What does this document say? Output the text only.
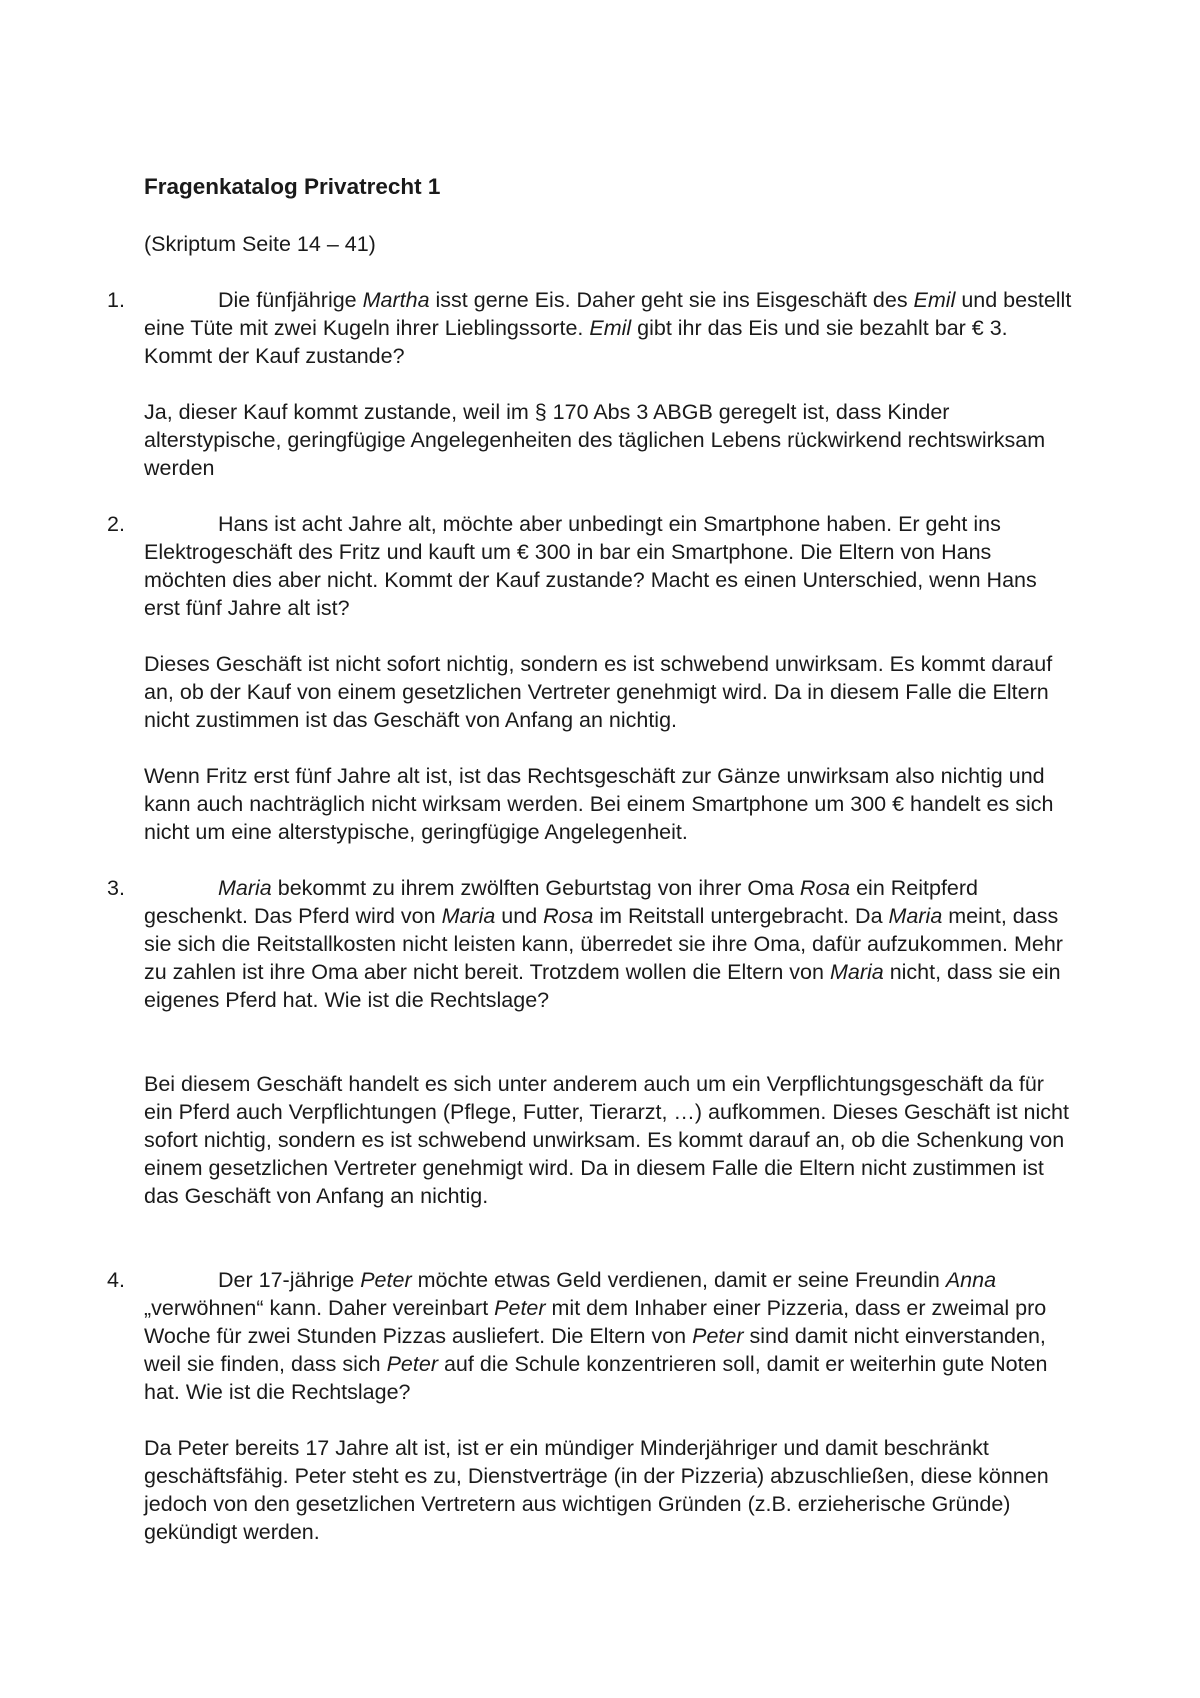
Fragenkatalog Privatrecht 1

(Skriptum Seite 14 – 41)

1.	Die fünfjährige Martha isst gerne Eis. Daher geht sie ins Eisgeschäft des Emil und bestellt eine Tüte mit zwei Kugeln ihrer Lieblingssorte. Emil gibt ihr das Eis und sie bezahlt bar € 3. Kommt der Kauf zustande?

Ja, dieser Kauf kommt zustande, weil im § 170 Abs 3 ABGB geregelt ist, dass Kinder alterstypische, geringfügige Angelegenheiten des täglichen Lebens rückwirkend rechtswirksam werden

2.	Hans ist acht Jahre alt, möchte aber unbedingt ein Smartphone haben. Er geht ins Elektrogeschäft des Fritz und kauft um € 300 in bar ein Smartphone. Die Eltern von Hans möchten dies aber nicht. Kommt der Kauf zustande? Macht es einen Unterschied, wenn Hans erst fünf Jahre alt ist?

Dieses Geschäft ist nicht sofort nichtig, sondern es ist schwebend unwirksam. Es kommt darauf an, ob der Kauf von einem gesetzlichen Vertreter genehmigt wird. Da in diesem Falle die Eltern nicht zustimmen ist das Geschäft von Anfang an nichtig.

Wenn Fritz erst fünf Jahre alt ist, ist das Rechtsgeschäft zur Gänze unwirksam also nichtig und kann auch nachträglich nicht wirksam werden. Bei einem Smartphone um 300 € handelt es sich nicht um eine alterstypische, geringfügige Angelegenheit.

3.	Maria bekommt zu ihrem zwölften Geburtstag von ihrer Oma Rosa ein Reitpferd geschenkt. Das Pferd wird von Maria und Rosa im Reitstall untergebracht. Da Maria meint, dass sie sich die Reitstallkosten nicht leisten kann, überredet sie ihre Oma, dafür aufzukommen. Mehr zu zahlen ist ihre Oma aber nicht bereit. Trotzdem wollen die Eltern von Maria nicht, dass sie ein eigenes Pferd hat. Wie ist die Rechtslage?

Bei diesem Geschäft handelt es sich unter anderem auch um ein Verpflichtungsgeschäft da für ein Pferd auch Verpflichtungen (Pflege, Futter, Tierarzt, …) aufkommen. Dieses Geschäft ist nicht sofort nichtig, sondern es ist schwebend unwirksam. Es kommt darauf an, ob die Schenkung von einem gesetzlichen Vertreter genehmigt wird. Da in diesem Falle die Eltern nicht zustimmen ist das Geschäft von Anfang an nichtig.

4.	Der 17-jährige Peter möchte etwas Geld verdienen, damit er seine Freundin Anna „verwöhnen“ kann. Daher vereinbart Peter mit dem Inhaber einer Pizzeria, dass er zweimal pro Woche für zwei Stunden Pizzas ausliefert. Die Eltern von Peter sind damit nicht einverstanden, weil sie finden, dass sich Peter auf die Schule konzentrieren soll, damit er weiterhin gute Noten hat. Wie ist die Rechtslage?

Da Peter bereits 17 Jahre alt ist, ist er ein mündiger Minderjähriger und damit beschränkt geschäftsfähig. Peter steht es zu, Dienstverträge (in der Pizzeria) abzuschließen, diese können jedoch von den gesetzlichen Vertretern aus wichtigen Gründen (z.B. erzieherische Gründe) gekündigt werden.
